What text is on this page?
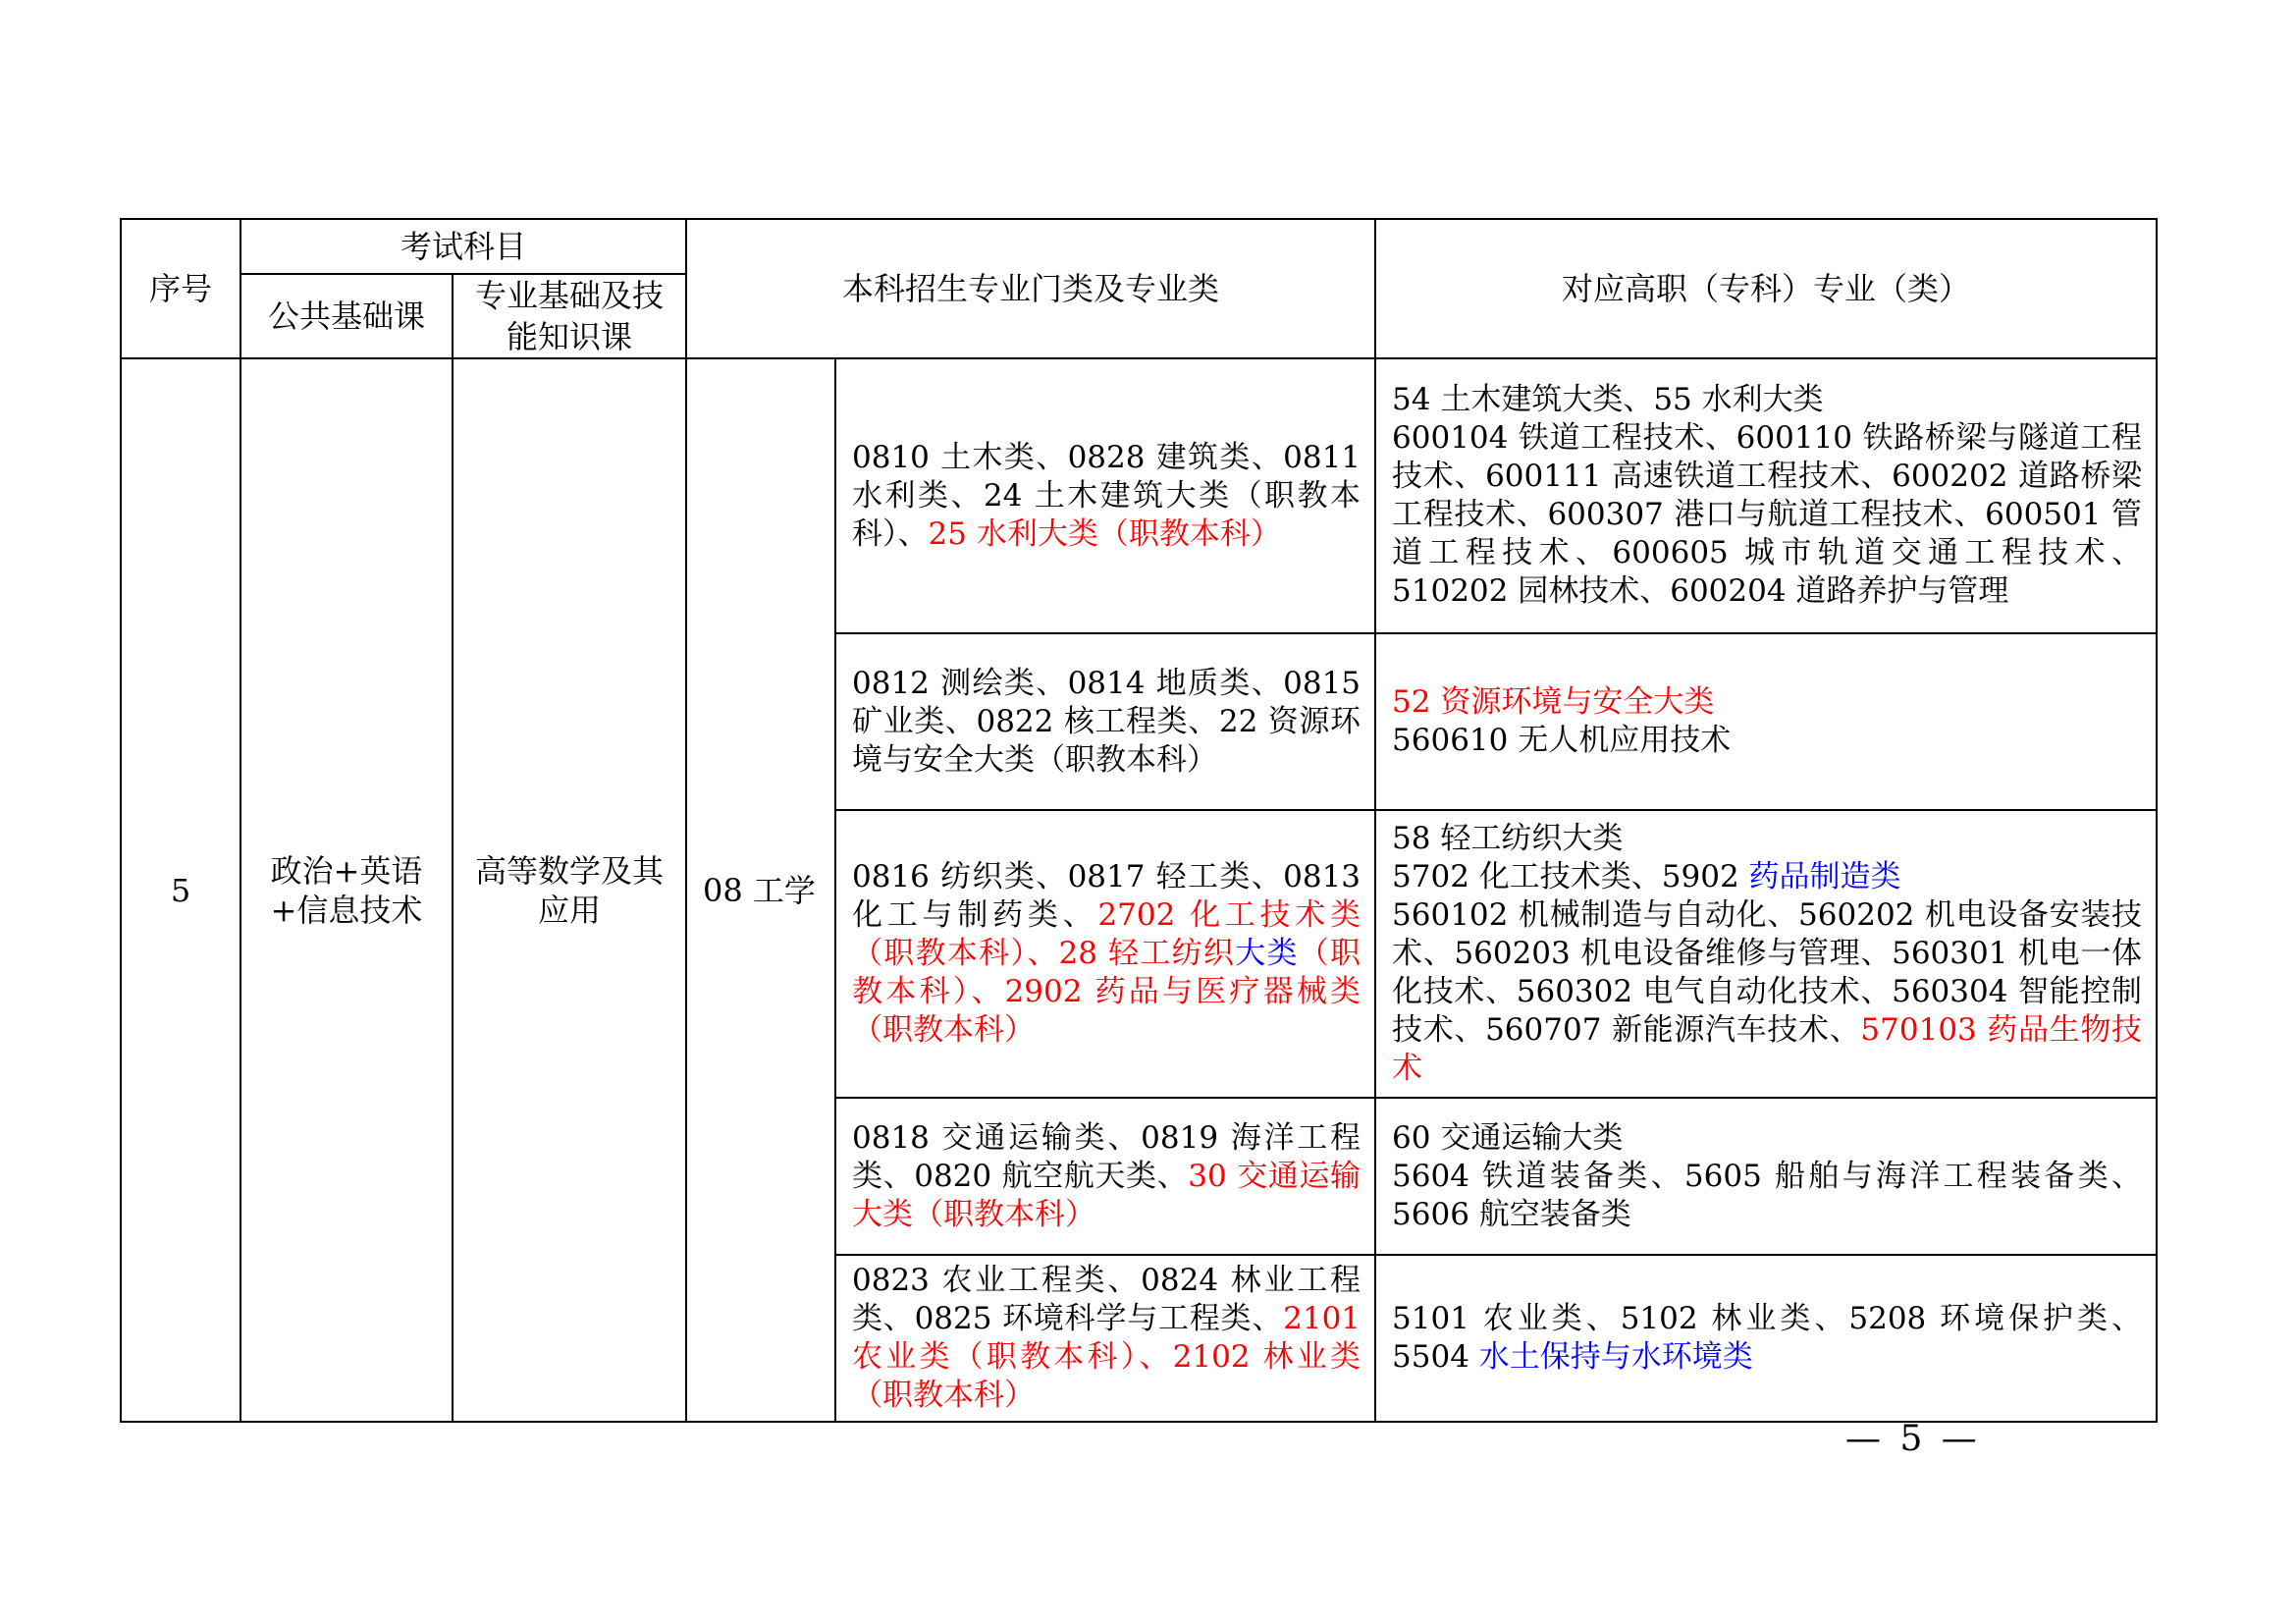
序号	考试科目		本科招生专业门类及专业类		对应高职（专科）专业（类）
	公共基础课	专业基础及技能知识课			
5	政治+英语+信息技术	高等数学及其应用	08 工学	0810 土木类、0828 建筑类、0811 水利类、24 土木建筑大类（职教本科）、25 水利大类（职教本科）	54 土木建筑大类、55 水利大类
600104 铁道工程技术、600110 铁路桥梁与隧道工程技术、600111 高速铁道工程技术、600202 道路桥梁工程技术、600307 港口与航道工程技术、600501 管道工程技术、600605 城市轨道交通工程技术、510202 园林技术、600204 道路养护与管理
				0812 测绘类、0814 地质类、0815 矿业类、0822 核工程类、22 资源环境与安全大类（职教本科）	52 资源环境与安全大类
560610 无人机应用技术
				0816 纺织类、0817 轻工类、0813 化工与制药类、2702 化工技术类（职教本科）、28 轻工纺织大类（职教本科）、2902 药品与医疗器械类（职教本科）	58 轻工纺织大类
5702 化工技术类、5902 药品制造类
560102 机械制造与自动化、560202 机电设备安装技术、560203 机电设备维修与管理、560301 机电一体化技术、560302 电气自动化技术、560304 智能控制技术、560707 新能源汽车技术、570103 药品生物技术
				0818 交通运输类、0819 海洋工程类、0820 航空航天类、30 交通运输大类（职教本科）	60 交通运输大类
5604 铁道装备类、5605 船舶与海洋工程装备类、5606 航空装备类
				0823 农业工程类、0824 林业工程类、0825 环境科学与工程类、2101 农业类（职教本科）、2102 林业类（职教本科）	5101 农业类、5102 林业类、5208 环境保护类、5504 水土保持与水环境类
— 5 —
